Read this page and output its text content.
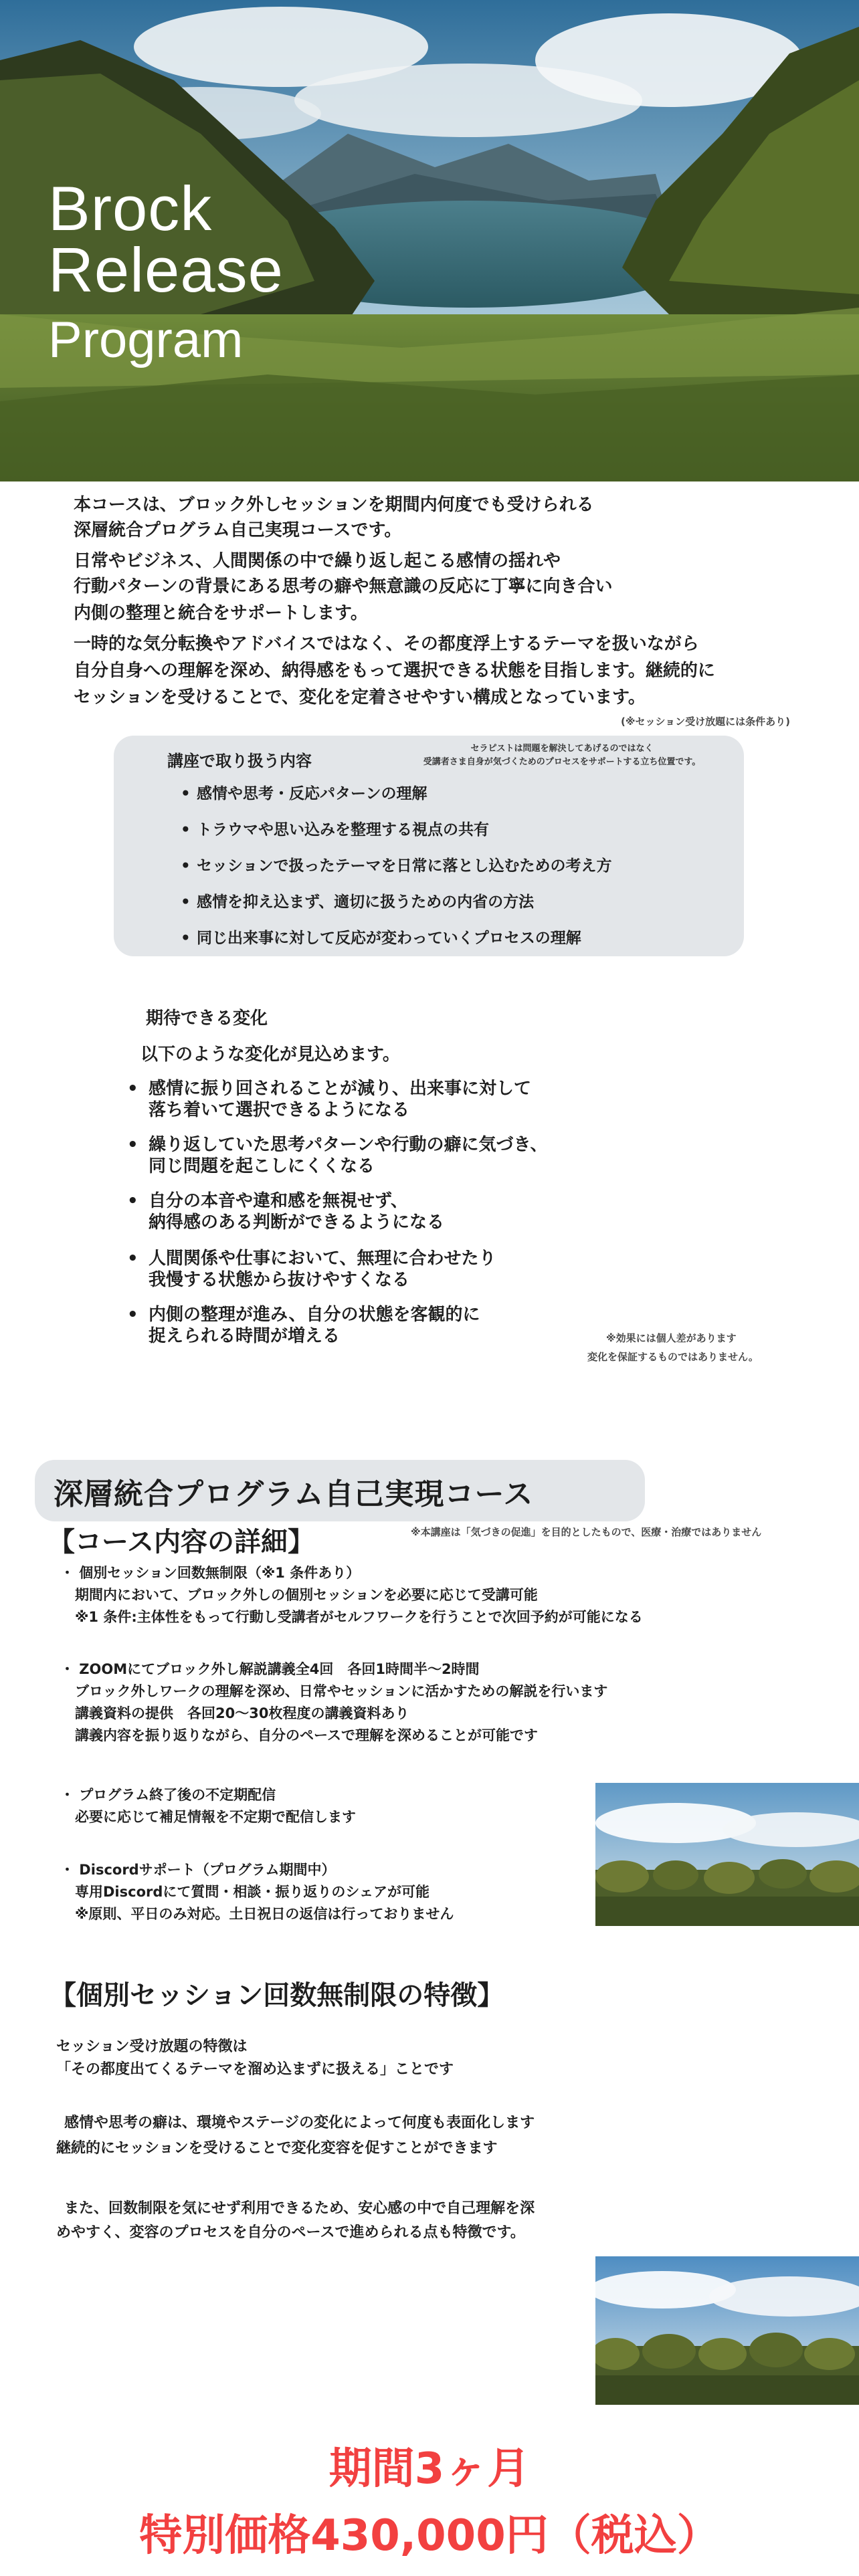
Brock
Release
Program
本コースは、ブロック外しセッションを期間内何度でも受けられる
深層統合プログラム自己実現コースです。
日常やビジネス、人間関係の中で繰り返し起こる感情の揺れや
行動パターンの背景にある思考の癖や無意識の反応に丁寧に向き合い
内側の整理と統合をサポートします。
一時的な気分転換やアドバイスではなく、その都度浮上するテーマを扱いながら
自分自身への理解を深め、納得感をもって選択できる状態を目指します。継続的に
セッションを受けることで、変化を定着させやすい構成となっています。
(※セッション受け放題には条件あり)
講座で取り扱う内容
セラピストは問題を解決してあげるのではなく
受講者さま自身が気づくためのプロセスをサポートする立ち位置です。
• 感情や思考・反応パターンの理解
• トラウマや思い込みを整理する視点の共有
• セッションで扱ったテーマを日常に落とし込むための考え方
• 感情を抑え込まず、適切に扱うための内省の方法
• 同じ出来事に対して反応が変わっていくプロセスの理解
期待できる変化
以下のような変化が見込めます。
• 感情に振り回されることが減り、出来事に対して
落ち着いて選択できるようになる
• 繰り返していた思考パターンや行動の癖に気づき、
同じ問題を起こしにくくなる
• 自分の本音や違和感を無視せず、
納得感のある判断ができるようになる
• 人間関係や仕事において、無理に合わせたり
我慢する状態から抜けやすくなる
• 内側の整理が進み、自分の状態を客観的に
捉えられる時間が増える	※効果には個人差があります
変化を保証するものではありません。
深層統合プログラム自己実現コース
【コース内容の詳細】	※本講座は「気づきの促進」を目的としたもので、医療・治療ではありません
・ 個別セッション回数無制限（※1 条件あり）
期間内において、ブロック外しの個別セッションを必要に応じて受講可能
※1 条件:主体性をもって行動し受講者がセルフワークを行うことで次回予約が可能になる
・ ZOOMにてブロック外し解説講義全4回　各回1時間半～2時間
ブロック外しワークの理解を深め、日常やセッションに活かすための解説を行います
講義資料の提供　各回20～30枚程度の講義資料あり
講義内容を振り返りながら、自分のペースで理解を深めることが可能です
・ プログラム終了後の不定期配信
必要に応じて補足情報を不定期で配信します
・ Discordサポート（プログラム期間中）
専用Discordにて質問・相談・振り返りのシェアが可能
※原則、平日のみ対応。土日祝日の返信は行っておりません
【個別セッション回数無制限の特徴】
セッション受け放題の特徴は
「その都度出てくるテーマを溜め込まずに扱える」ことです
感情や思考の癖は、環境やステージの変化によって何度も表面化します
継続的にセッションを受けることで変化変容を促すことができます
また、回数制限を気にせず利用できるため、安心感の中で自己理解を深
めやすく、変容のプロセスを自分のペースで進められる点も特徴です。
期間3ヶ月
特別価格430,000円（税込）
